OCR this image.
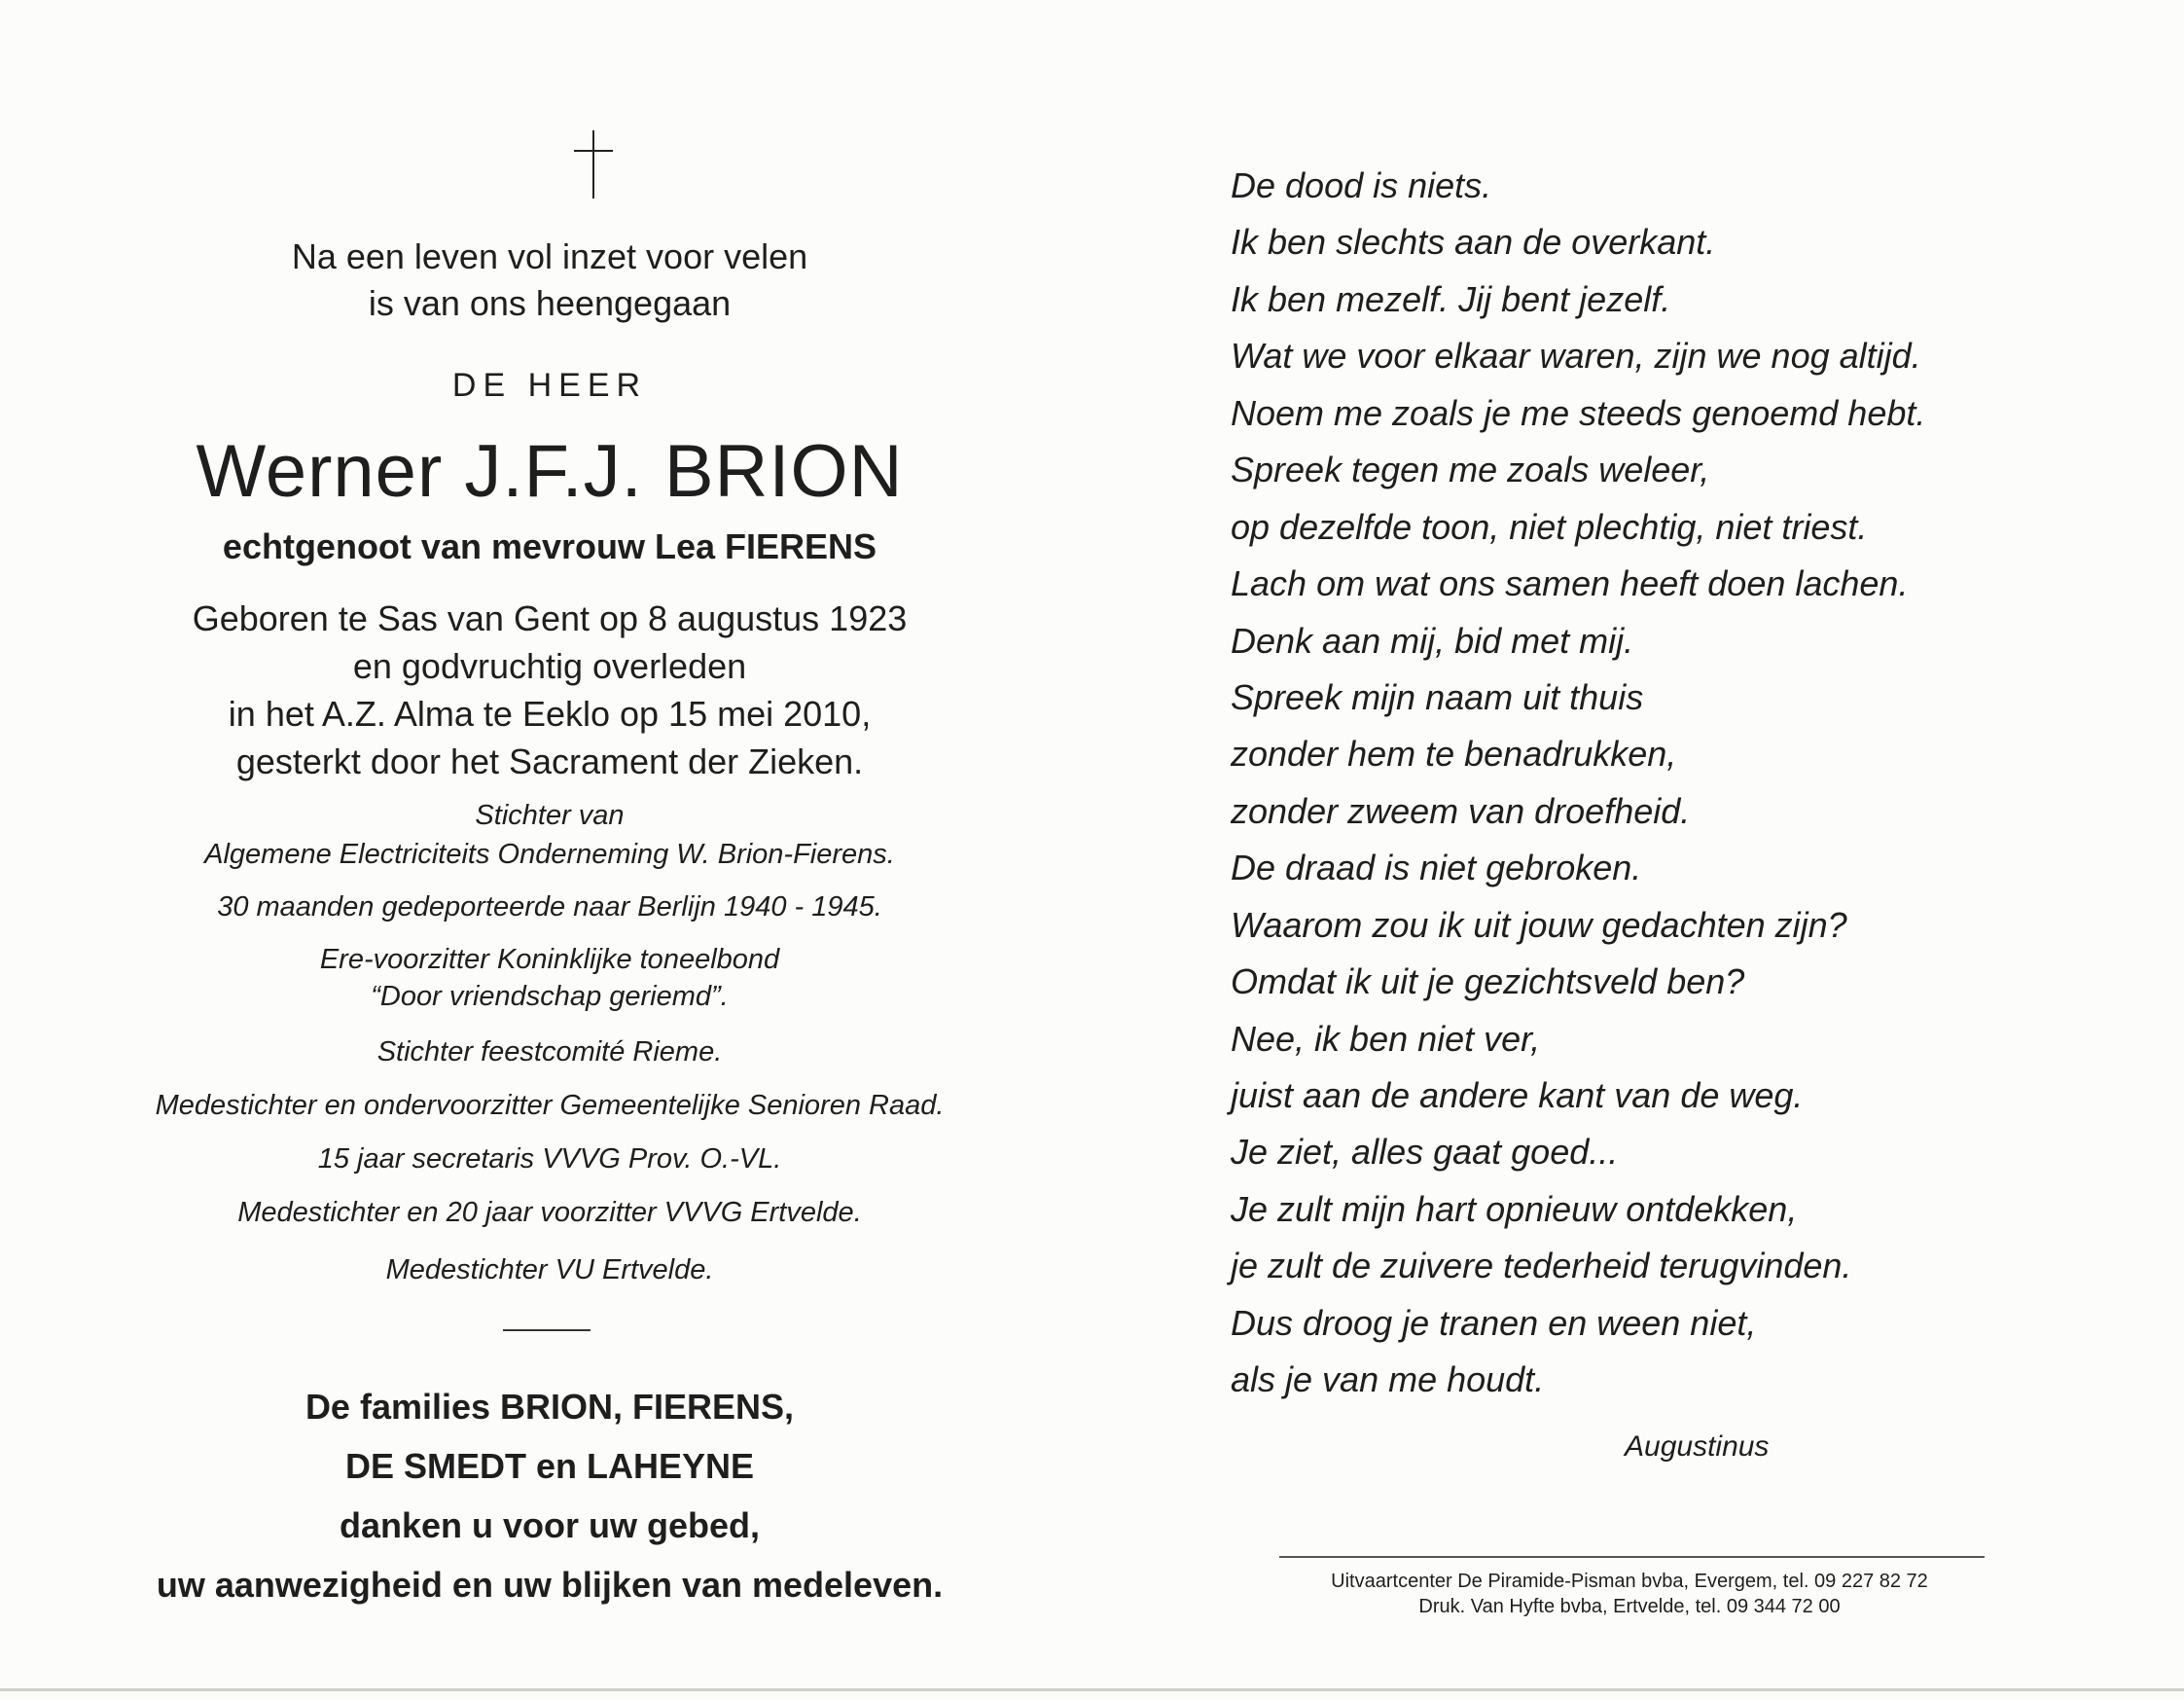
Na een leven vol inzet voor velen
is van ons heengegaan
DE HEER
Werner J.F.J. BRION
echtgenoot van mevrouw Lea FIERENS
Geboren te Sas van Gent op 8 augustus 1923
en godvruchtig overleden
in het A.Z. Alma te Eeklo op 15 mei 2010,
gesterkt door het Sacrament der Zieken.
Stichter van
Algemene Electriciteits Onderneming W. Brion-Fierens.
30 maanden gedeporteerde naar Berlijn 1940 - 1945.
Ere-voorzitter Koninklijke toneelbond
“Door vriendschap geriemd”.
Stichter feestcomité Rieme.
Medestichter en ondervoorzitter Gemeentelijke Senioren Raad.
15 jaar secretaris VVVG Prov. O.-VL.
Medestichter en 20 jaar voorzitter VVVG Ertvelde.
Medestichter VU Ertvelde.
De families BRION, FIERENS,
DE SMEDT en LAHEYNE
danken u voor uw gebed,
uw aanwezigheid en uw blijken van medeleven.
De dood is niets.
Ik ben slechts aan de overkant.
Ik ben mezelf. Jij bent jezelf.
Wat we voor elkaar waren, zijn we nog altijd.
Noem me zoals je me steeds genoemd hebt.
Spreek tegen me zoals weleer,
op dezelfde toon, niet plechtig, niet triest.
Lach om wat ons samen heeft doen lachen.
Denk aan mij, bid met mij.
Spreek mijn naam uit thuis
zonder hem te benadrukken,
zonder zweem van droefheid.
De draad is niet gebroken.
Waarom zou ik uit jouw gedachten zijn?
Omdat ik uit je gezichtsveld ben?
Nee, ik ben niet ver,
juist aan de andere kant van de weg.
Je ziet, alles gaat goed...
Je zult mijn hart opnieuw ontdekken,
je zult de zuivere tederheid terugvinden.
Dus droog je tranen en ween niet,
als je van me houdt.
Augustinus
Uitvaartcenter De Piramide-Pisman bvba, Evergem, tel. 09 227 82 72
Druk. Van Hyfte bvba, Ertvelde, tel. 09 344 72 00
